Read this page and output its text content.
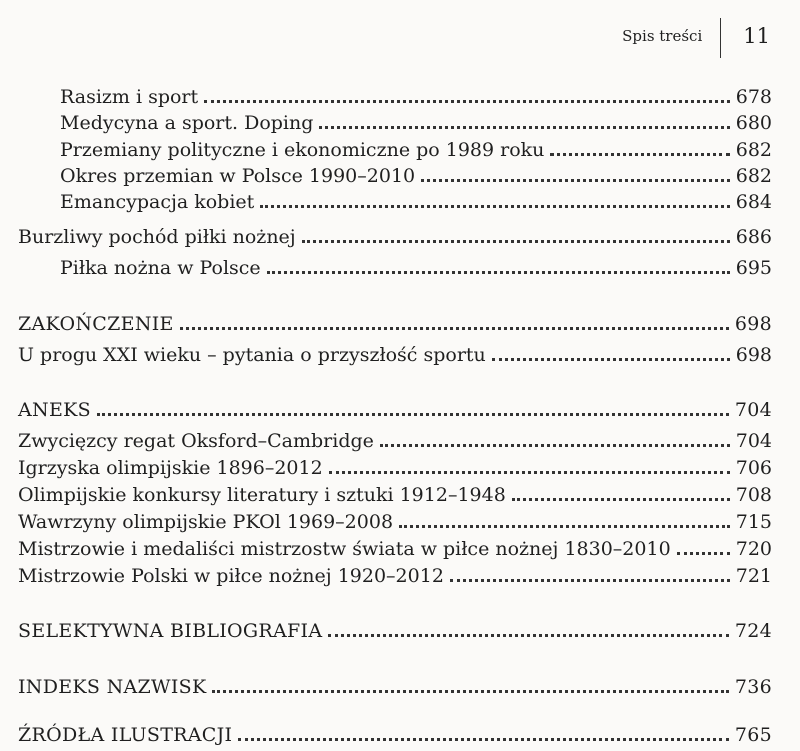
Spis treści	11
Rasizm i sport	678
Medycyna a sport. Doping	680
Przemiany polityczne i ekonomiczne po 1989 roku	682
Okres przemian w Polsce 1990–2010	682
Emancypacja kobiet	684
Burzliwy pochód piłki nożnej	686
Piłka nożna w Polsce	695
ZAKOŃCZENIE	698
U progu XXI wieku – pytania o przyszłość sportu	698
ANEKS	704
Zwycięzcy regat Oksford–Cambridge	704
Igrzyska olimpijskie 1896–2012	706
Olimpijskie konkursy literatury i sztuki 1912–1948	708
Wawrzyny olimpijskie PKOl 1969–2008	715
Mistrzowie i medaliści mistrzostw świata w piłce nożnej 1830–2010	720
Mistrzowie Polski w piłce nożnej 1920–2012	721
SELEKTYWNA BIBLIOGRAFIA	724
INDEKS NAZWISK	736
ŹRÓDŁA ILUSTRACJI	765
